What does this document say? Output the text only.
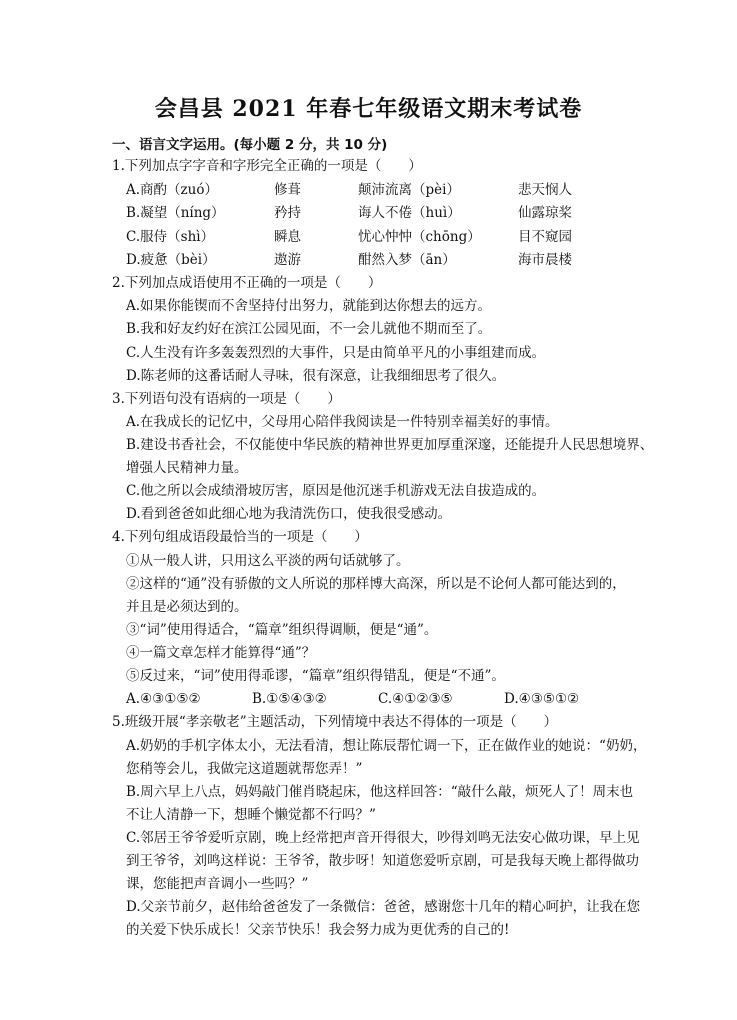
会昌县 2021 年春七年级语文期末考试卷

一、语言文字运用。(每小题 2 分，共 10 分)

1.下列加点字字音和字形完全正确的一项是（　　）

A.商酌（zuó）	修葺	颠沛流离（pèi）	悲天悯人
B.凝望（níng）	矜持	诲人不倦（huì）	仙露琼桨
C.服侍（shì）	瞬息	忧心忡忡（chōng）	目不窥园
D.疲惫（bèi）	遨游	酣然入梦（ān）	海市晨楼

2.下列加点成语使用不正确的一项是（　　）

A.如果你能锲而不舍坚持付出努力，就能到达你想去的远方。

B.我和好友约好在滨江公园见面，不一会儿就他不期而至了。

C.人生没有许多轰轰烈烈的大事件，只是由简单平凡的小事组建而成。

D.陈老师的这番话耐人寻味，很有深意，让我细细思考了很久。

3.下列语句没有语病的一项是（　　）

A.在我成长的记忆中，父母用心陪伴我阅读是一件特别幸福美好的事情。

B.建设书香社会，不仅能使中华民族的精神世界更加厚重深邃，还能提升人民思想境界、

增强人民精神力量。

C.他之所以会成绩滑坡厉害，原因是他沉迷手机游戏无法自拔造成的。

D.看到爸爸如此细心地为我清洗伤口，使我很受感动。

4.下列句组成语段最恰当的一项是（　　）

①从一般人讲，只用这么平淡的两句话就够了。

②这样的“通”没有骄傲的文人所说的那样博大高深，所以是不论何人都可能达到的，

并且是必须达到的。

③“词”使用得适合，“篇章”组织得调顺，便是“通”。

④一篇文章怎样才能算得“通”？

⑤反过来，“词”使用得乖谬，“篇章”组织得错乱，便是“不通”。

A.④③①⑤②	B.①⑤④③②	C.④①②③⑤	D.④③⑤①②

5.班级开展“孝亲敬老”主题活动，下列情境中表达不得体的一项是（　　）

A.奶奶的手机字体太小，无法看清，想让陈辰帮忙调一下，正在做作业的她说：“奶奶，

您稍等会儿，我做完这道题就帮您弄！”

B.周六早上八点，妈妈敲门催肖晓起床，他这样回答：“敲什么敲，烦死人了！周末也

不让人清静一下，想睡个懒觉都不行吗？”

C.邻居王爷爷爱听京剧，晚上经常把声音开得很大，吵得刘鸣无法安心做功课，早上见

到王爷爷，刘鸣这样说：王爷爷，散步呀！知道您爱听京剧，可是我每天晚上都得做功

课，您能把声音调小一些吗？”

D.父亲节前夕，赵伟给爸爸发了一条微信：爸爸，感谢您十几年的精心呵护，让我在您

的关爱下快乐成长！父亲节快乐！我会努力成为更优秀的自己的!
